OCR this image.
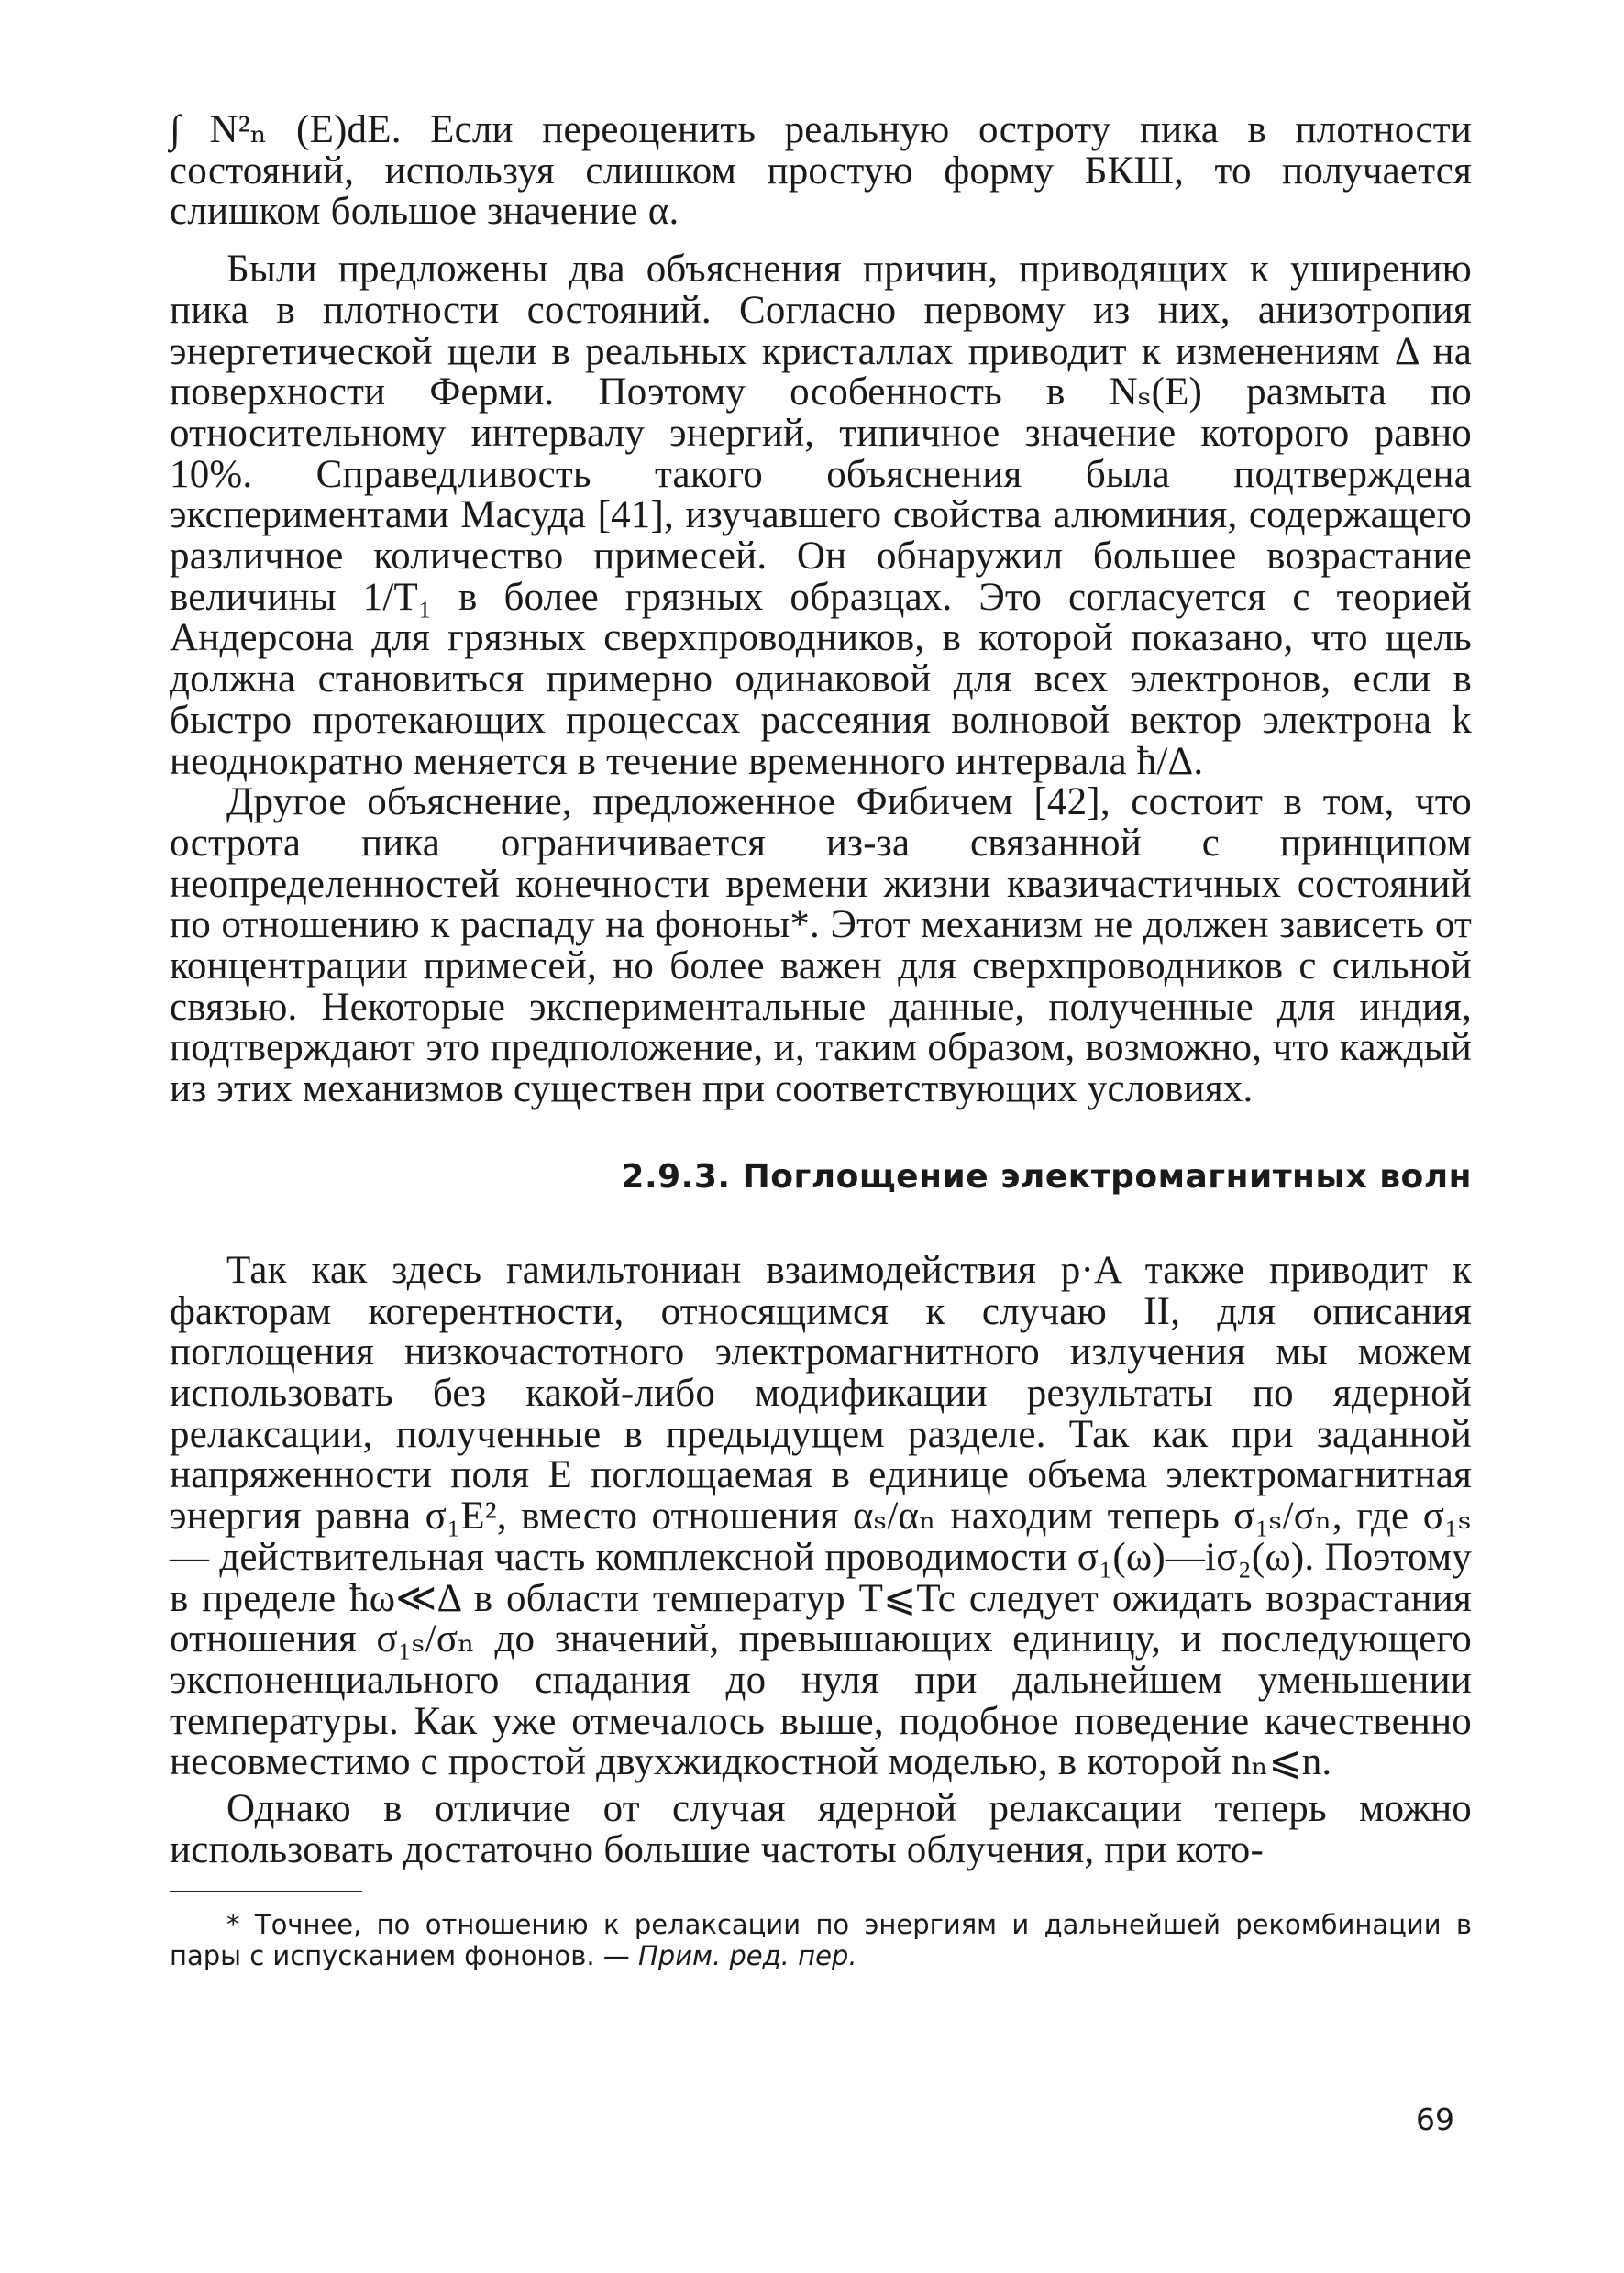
∫ N²ₙ (E)dE. Если переоценить реальную остроту пика в плотности состояний, используя слишком простую форму БКШ, то получается слишком большое значение α.

Были предложены два объяснения причин, приводящих к уширению пика в плотности состояний. Согласно первому из них, анизотропия энергетической щели в реальных кристаллах приводит к изменениям Δ на поверхности Ферми. Поэтому особенность в Nₛ(E) размыта по относительному интервалу энергий, типичное значение которого равно 10%. Справедливость такого объяснения была подтверждена экспериментами Масуда [41], изучавшего свойства алюминия, содержащего различное количество примесей. Он обнаружил большее возрастание величины 1/T₁ в более грязных образцах. Это согласуется с теорией Андерсона для грязных сверхпроводников, в которой показано, что щель должна становиться примерно одинаковой для всех электронов, если в быстро протекающих процессах рассеяния волновой вектор электрона k неоднократно меняется в течение временного интервала ħ/Δ.

Другое объяснение, предложенное Фибичем [42], состоит в том, что острота пика ограничивается из-за связанной с принципом неопределенностей конечности времени жизни квазичастичных состояний по отношению к распаду на фононы*. Этот механизм не должен зависеть от концентрации примесей, но более важен для сверхпроводников с сильной связью. Некоторые экспериментальные данные, полученные для индия, подтверждают это предположение, и, таким образом, возможно, что каждый из этих механизмов существен при соответствующих условиях.

2.9.3. Поглощение электромагнитных волн

Так как здесь гамильтониан взаимодействия p·A также приводит к факторам когерентности, относящимся к случаю II, для описания поглощения низкочастотного электромагнитного излучения мы можем использовать без какой-либо модификации результаты по ядерной релаксации, полученные в предыдущем разделе. Так как при заданной напряженности поля E поглощаемая в единице объема электромагнитная энергия равна σ₁E², вместо отношения αₛ/αₙ находим теперь σ₁ₛ/σₙ, где σ₁ₛ — действительная часть комплексной проводимости σ₁(ω)—iσ₂(ω). Поэтому в пределе ħω≪Δ в области температур T⩽Tc следует ожидать возрастания отношения σ₁ₛ/σₙ до значений, превышающих единицу, и последующего экспоненциального спадания до нуля при дальнейшем уменьшении температуры. Как уже отмечалось выше, подобное поведение качественно несовместимо с простой двухжидкостной моделью, в которой nₙ⩽n.

Однако в отличие от случая ядерной релаксации теперь можно использовать достаточно большие частоты облучения, при кото-

* Точнее, по отношению к релаксации по энергиям и дальнейшей рекомбинации в пары с испусканием фононов. — Прим. ред. пер.

69
